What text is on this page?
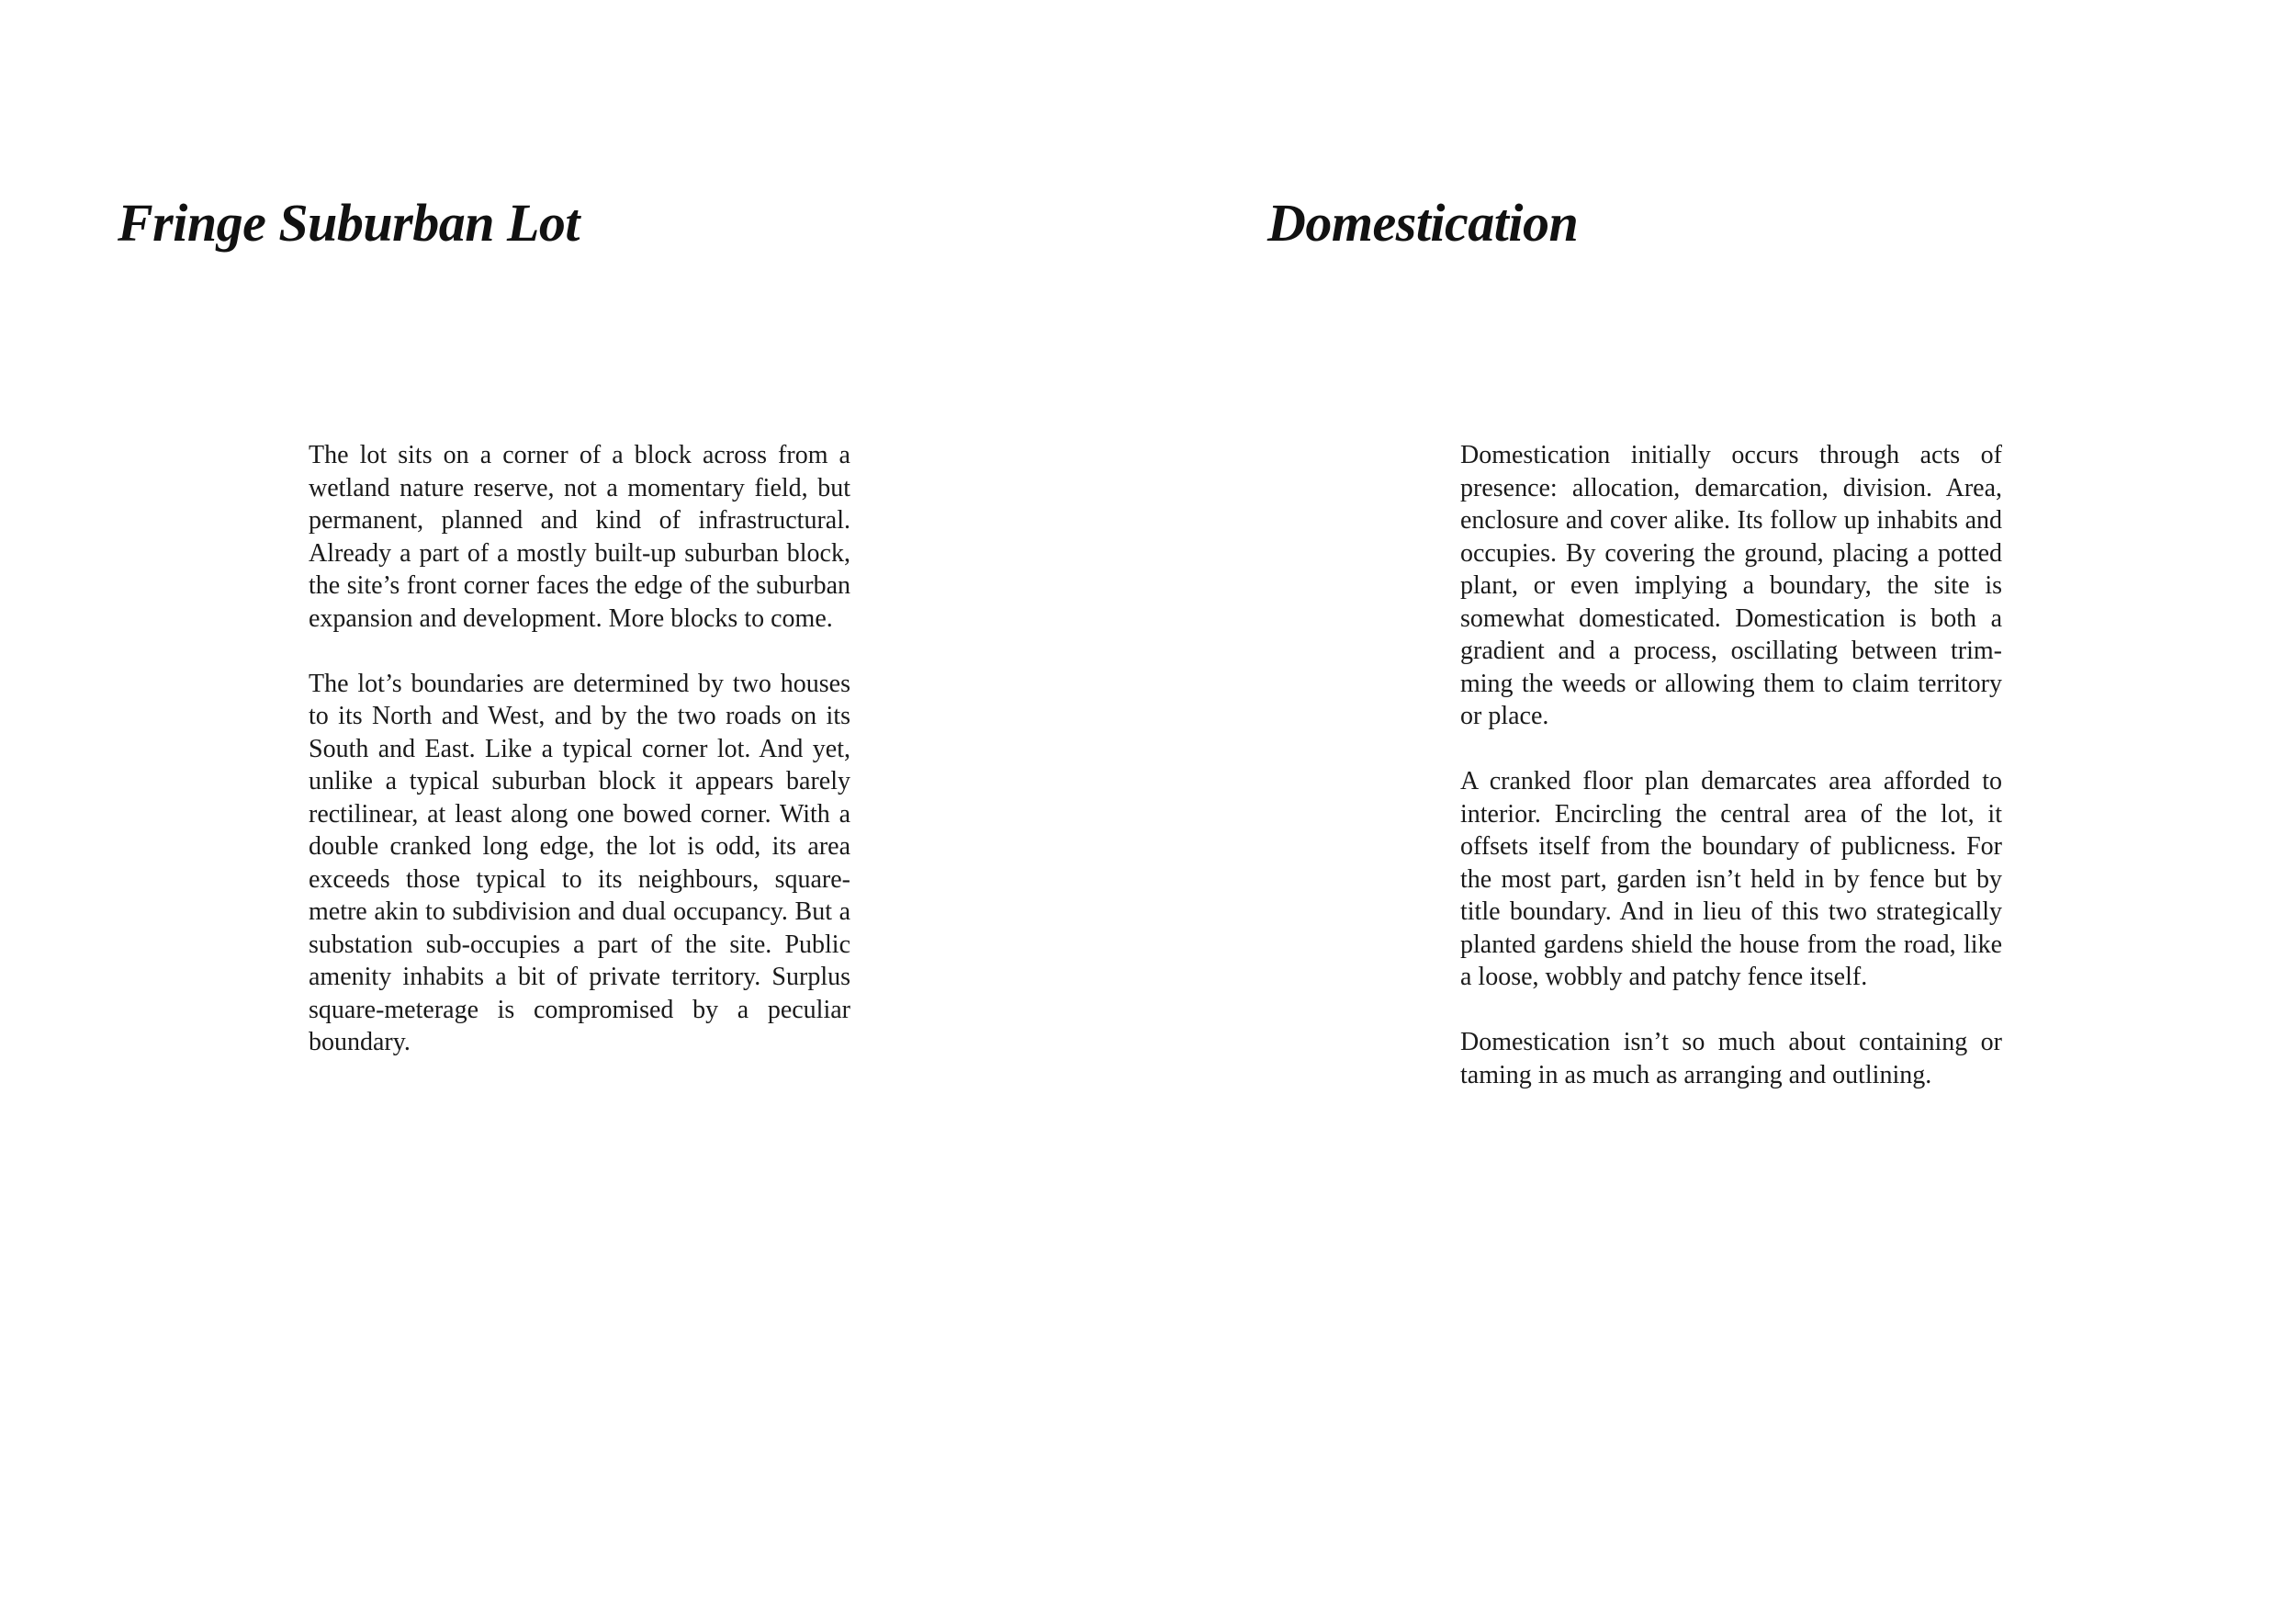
Fringe Suburban Lot

The lot sits on a corner of a block across from a wetland nature reserve, not a momentary field, but permanent, planned and kind of infrastructural. Already a part of a mostly built-up suburban block, the site’s front corner faces the edge of the suburban expansion and development. More blocks to come.

The lot’s boundaries are determined by two houses to its North and West, and by the two roads on its South and East. Like a typical corner lot. And yet, unlike a typical suburban block it appears barely rectilinear, at least along one bowed corner. With a double cranked long edge, the lot is odd, its area exceeds those typical to its neighbours, square-metre akin to subdivision and dual occupancy. But a substation sub-occupies a part of the site. Public amenity inhabits a bit of private territory. Surplus square-meterage is compromised by a peculiar boundary.

Domestication

Domestication initially occurs through acts of presence: allocation, demarcation, division. Area, enclosure and cover alike. Its follow up inhabits and occupies. By covering the ground, placing a potted plant, or even implying a boundary, the site is somewhat domesticated. Domestication is both a gradient and a process, oscillating between trimming the weeds or allowing them to claim territory or place.

A cranked floor plan demarcates area afforded to interior. Encircling the central area of the lot, it offsets itself from the boundary of publicness. For the most part, garden isn’t held in by fence but by title boundary. And in lieu of this two strategically planted gardens shield the house from the road, like a loose, wobbly and patchy fence itself.

Domestication isn’t so much about containing or taming in as much as arranging and outlining.
